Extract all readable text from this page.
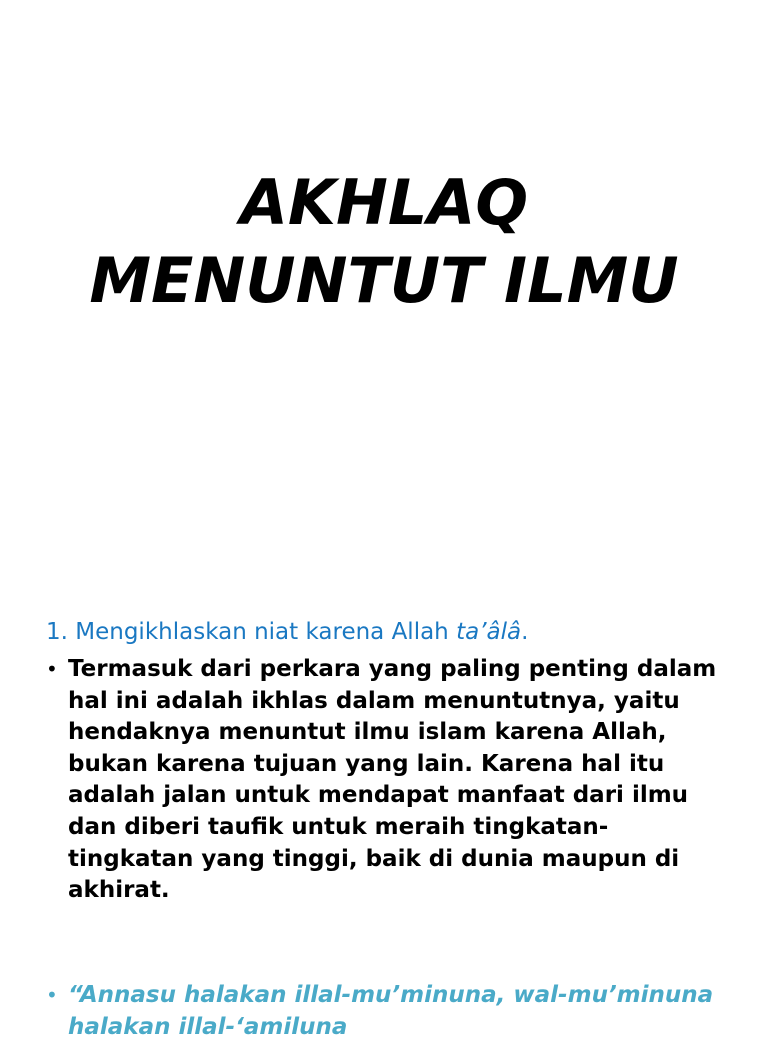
AKHLAQ
MENUNTUT ILMU

1. Mengikhlaskan niat karena Allah ta’âlâ.

• Termasuk dari perkara yang paling penting dalam hal ini adalah ikhlas dalam menuntutnya, yaitu hendaknya menuntut ilmu islam karena Allah, bukan karena tujuan yang lain. Karena hal itu adalah jalan untuk mendapat manfaat dari ilmu dan diberi taufik untuk meraih tingkatan-tingkatan yang tinggi, baik di dunia maupun di akhirat.
• “Annasu halakan illal-mu’minuna, wal-mu’minuna halakan illal-‘amiluna
